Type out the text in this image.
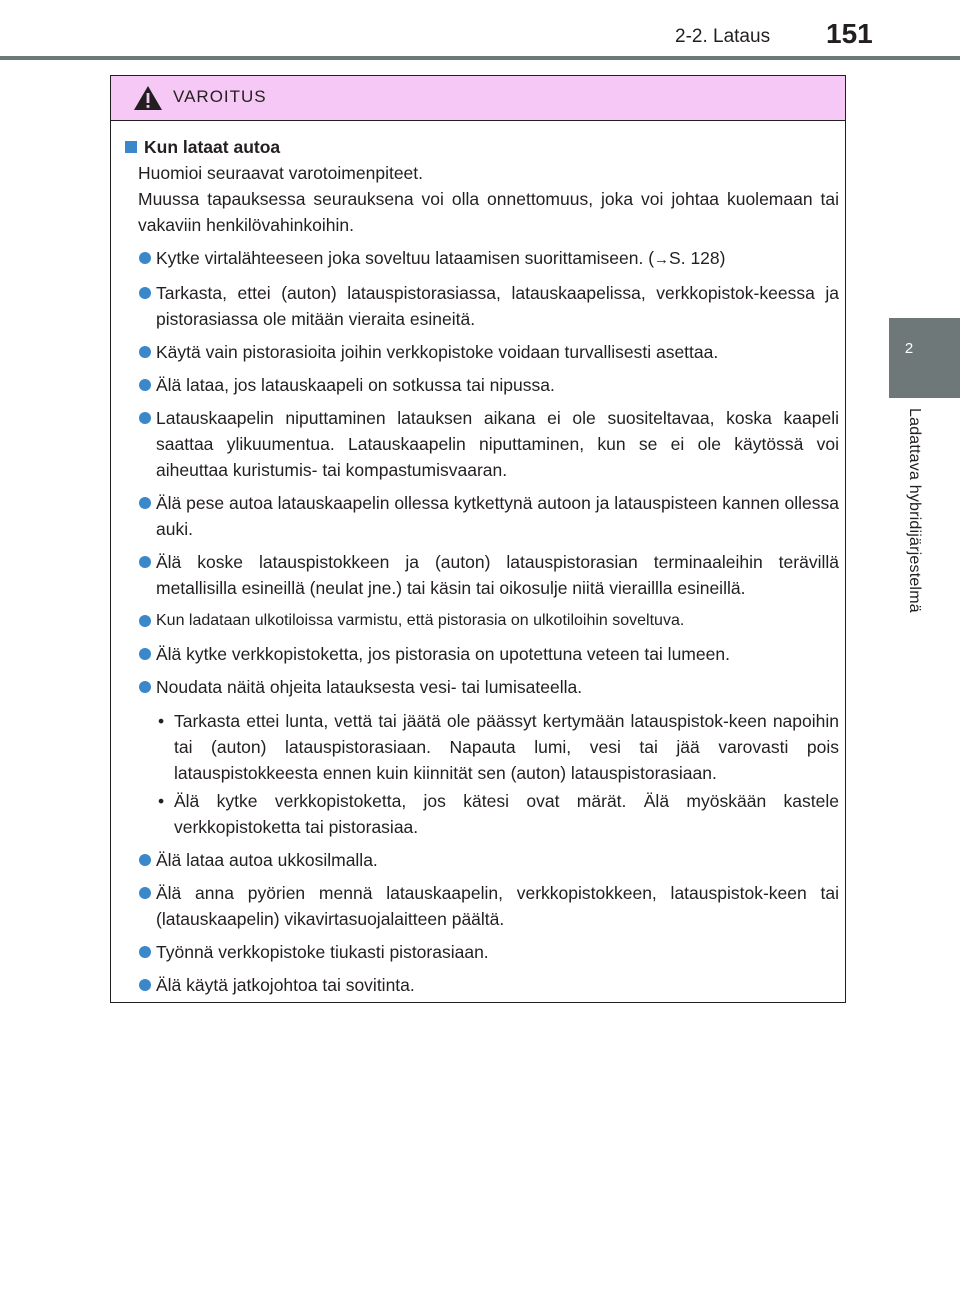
2-2. Lataus 151
2
Ladattava hybridijärjestelmä
VAROITUS
Kun lataat autoa
Huomioi seuraavat varotoimenpiteet.
Muussa tapauksessa seurauksena voi olla onnettomuus, joka voi johtaa kuolemaan tai vakaviin henkilövahinkoihin.
Kytke virtalähteeseen joka soveltuu lataamisen suorittamiseen. (→S. 128)
Tarkasta, ettei (auton) latauspistorasiassa, latauskaapelissa, verkkopistok-keessa ja pistorasiassa ole mitään vieraita esineitä.
Käytä vain pistorasioita joihin verkkopistoke voidaan turvallisesti asettaa.
Älä lataa, jos latauskaapeli on sotkussa tai nipussa.
Latauskaapelin niputtaminen latauksen aikana ei ole suositeltavaa, koska kaapeli saattaa ylikuumentua. Latauskaapelin niputtaminen, kun se ei ole käytössä voi aiheuttaa kuristumis- tai kompastumisvaaran.
Älä pese autoa latauskaapelin ollessa kytkettynä autoon ja latauspisteen kannen ollessa auki.
Älä koske latauspistokkeen ja (auton) latauspistorasian terminaaleihin terävillä metallisilla esineillä (neulat jne.) tai käsin tai oikosulje niitä vieraillla esineillä.
Kun ladataan ulkotiloissa varmistu, että pistorasia on ulkotiloihin soveltuva.
Älä kytke verkkopistoketta, jos pistorasia on upotettuna veteen tai lumeen.
Noudata näitä ohjeita latauksesta vesi- tai lumisateella.
• Tarkasta ettei lunta, vettä tai jäätä ole päässyt kertymään latauspistok-keen napoihin tai (auton) latauspistorasiaan. Napauta lumi, vesi tai jää varovasti pois latauspistokkeesta ennen kuin kiinnität sen (auton) latauspistorasiaan.
• Älä kytke verkkopistoketta, jos kätesi ovat märät. Älä myöskään kastele verkkopistoketta tai pistorasiaa.
Älä lataa autoa ukkosilmalla.
Älä anna pyörien mennä latauskaapelin, verkkopistokkeen, latauspistok-keen tai (latauskaapelin) vikavirtasuojalaitteen päältä.
Työnnä verkkopistoke tiukasti pistorasiaan.
Älä käytä jatkojohtoa tai sovitinta.
